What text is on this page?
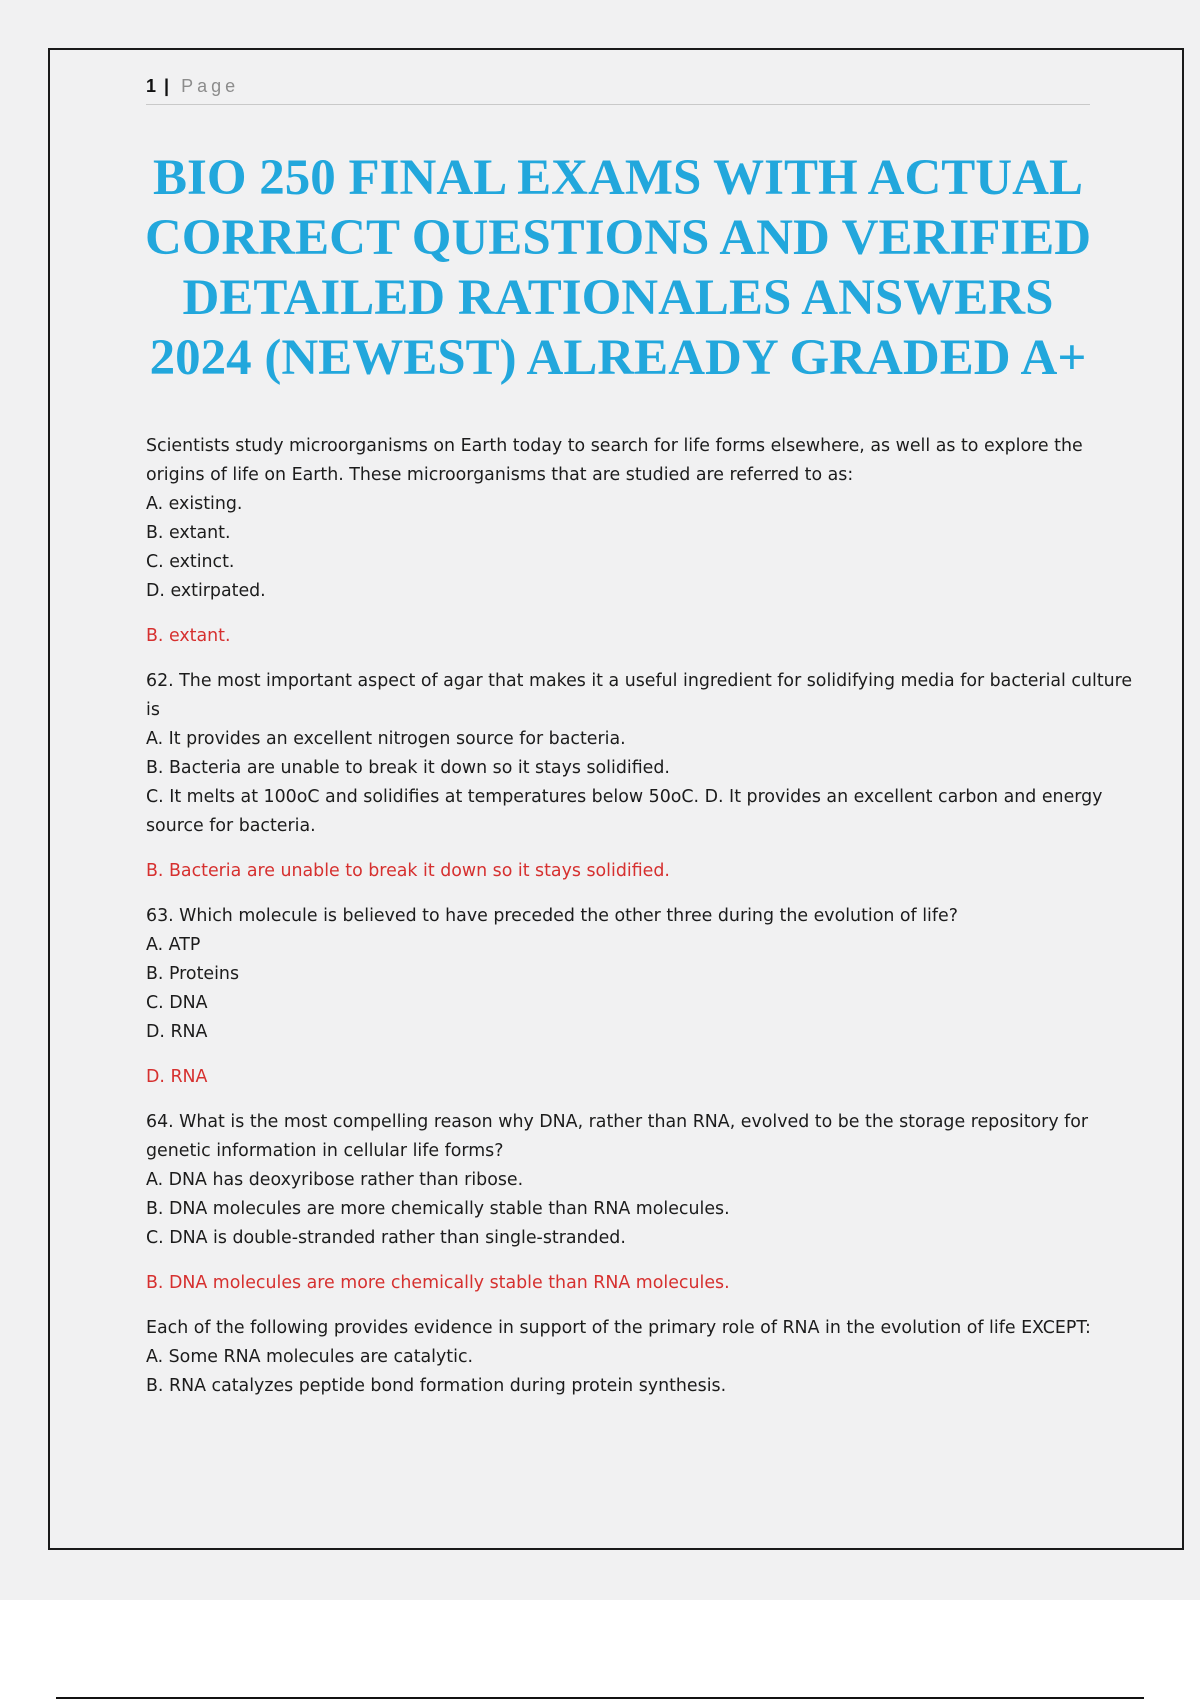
1 | Page
BIO 250 FINAL EXAMS WITH ACTUAL
CORRECT QUESTIONS AND VERIFIED
DETAILED RATIONALES ANSWERS
2024 (NEWEST) ALREADY GRADED A+

Scientists study microorganisms on Earth today to search for life forms elsewhere, as well as to explore the origins of life on Earth. These microorganisms that are studied are referred to as:

A. existing.

B. extant.

C. extinct.

D. extirpated.

B. extant.

62. The most important aspect of agar that makes it a useful ingredient for solidifying media for bacterial culture is

A. It provides an excellent nitrogen source for bacteria.

B. Bacteria are unable to break it down so it stays solidified.

C. It melts at 100oC and solidifies at temperatures below 50oC. D. It provides an excellent carbon and energy source for bacteria.

B. Bacteria are unable to break it down so it stays solidified.

63. Which molecule is believed to have preceded the other three during the evolution of life?

A. ATP

B. Proteins

C. DNA

D. RNA

D. RNA

64. What is the most compelling reason why DNA, rather than RNA, evolved to be the storage repository for genetic information in cellular life forms?

A. DNA has deoxyribose rather than ribose.

B. DNA molecules are more chemically stable than RNA molecules.

C. DNA is double-stranded rather than single-stranded.

B. DNA molecules are more chemically stable than RNA molecules.

Each of the following provides evidence in support of the primary role of RNA in the evolution of life EXCEPT:

A. Some RNA molecules are catalytic.

B. RNA catalyzes peptide bond formation during protein synthesis.
